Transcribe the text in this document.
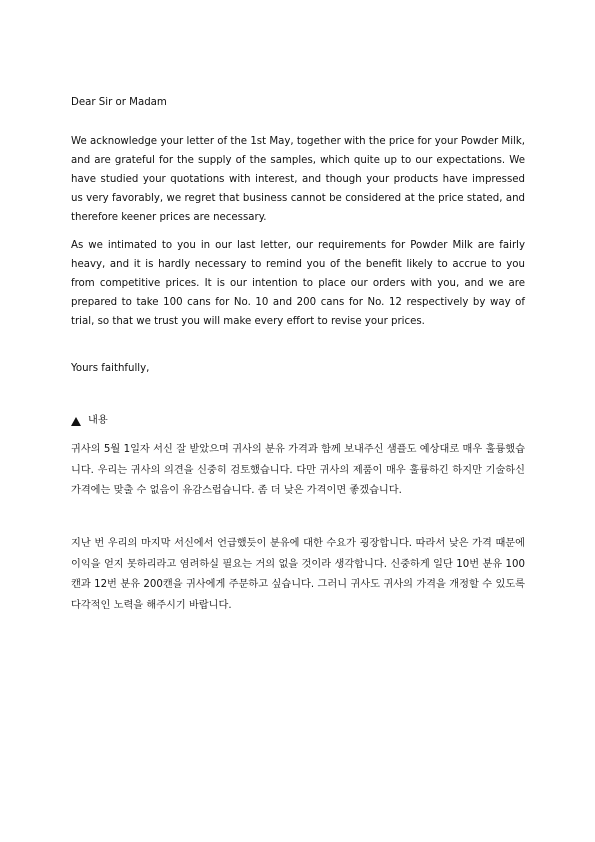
Dear Sir or Madam

We acknowledge your letter of the 1st May, together with the price for your Powder Milk, and are grateful for the supply of the samples, which quite up to our expectations. We have studied your quotations with interest, and though your products have impressed us very favorably, we regret that business cannot be considered at the price stated, and therefore keener prices are necessary.

As we intimated to you in our last letter, our requirements for Powder Milk are fairly heavy, and it is hardly necessary to remind you of the benefit likely to accrue to you from competitive prices. It is our intention to place our orders with you, and we are prepared to take 100 cans for No. 10 and 200 cans for No. 12 respectively by way of trial, so that we trust you will make every effort to revise your prices.

Yours faithfully,

내용

귀사의 5월 1일자 서신 잘 받았으며 귀사의 분유 가격과 함께 보내주신 샘플도 예상대로 매우 훌륭했습니다. 우리는 귀사의 의견을 신중히 검토했습니다. 다만 귀사의 제품이 매우 훌륭하긴 하지만 기술하신 가격에는 맞출 수 없음이 유감스럽습니다. 좀 더 낮은 가격이면 좋겠습니다.

지난 번 우리의 마지막 서신에서 언급했듯이 분유에 대한 수요가 굉장합니다. 따라서 낮은 가격 때문에 이익을 얻지 못하리라고 염려하실 필요는 거의 없을 것이라 생각합니다. 신중하게 일단 10번 분유 100캔과 12번 분유 200캔을 귀사에게 주문하고 싶습니다. 그러니 귀사도 귀사의 가격을 개정할 수 있도록 다각적인 노력을 해주시기 바랍니다.
